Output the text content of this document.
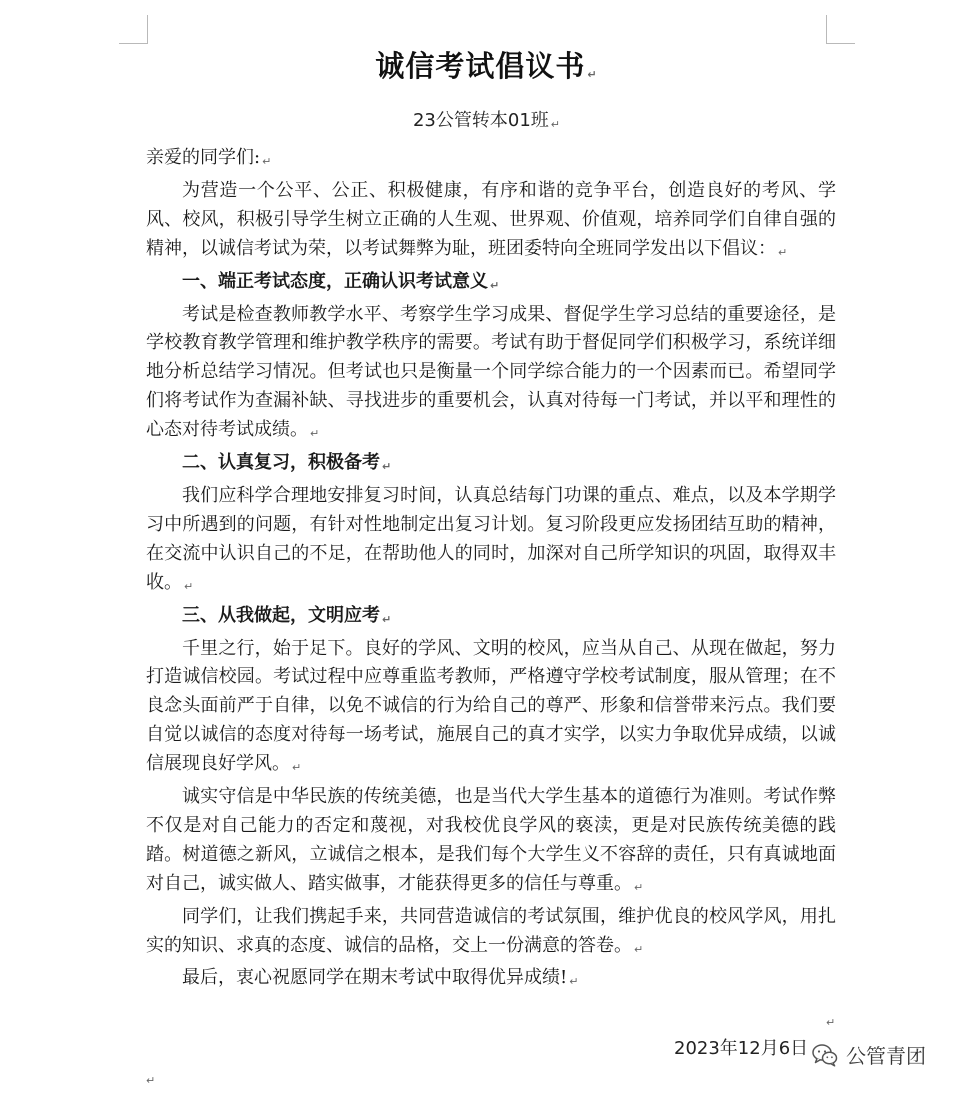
诚信考试倡议书 ↵
23公管转本01班 ↵

亲爱的同学们: ↵

为营造一个公平、公正、积极健康，有序和谐的竞争平台，创造良好的考风、学风、校风，积极引导学生树立正确的人生观、世界观、价值观，培养同学们自律自强的精神，以诚信考试为荣，以考试舞弊为耻，班团委特向全班同学发出以下倡议： ↵

一、端正考试态度，正确认识考试意义 ↵

考试是检查教师教学水平、考察学生学习成果、督促学生学习总结的重要途径，是学校教育教学管理和维护教学秩序的需要。考试有助于督促同学们积极学习，系统详细地分析总结学习情况。但考试也只是衡量一个同学综合能力的一个因素而已。希望同学们将考试作为查漏补缺、寻找进步的重要机会，认真对待每一门考试，并以平和理性的心态对待考试成绩。 ↵

二、认真复习，积极备考 ↵

我们应科学合理地安排复习时间，认真总结每门功课的重点、难点，以及本学期学习中所遇到的问题，有针对性地制定出复习计划。复习阶段更应发扬团结互助的精神，在交流中认识自己的不足，在帮助他人的同时，加深对自己所学知识的巩固，取得双丰收。 ↵

三、从我做起，文明应考 ↵

千里之行，始于足下。良好的学风、文明的校风，应当从自己、从现在做起，努力打造诚信校园。考试过程中应尊重监考教师，严格遵守学校考试制度，服从管理；在不良念头面前严于自律，以免不诚信的行为给自己的尊严、形象和信誉带来污点。我们要自觉以诚信的态度对待每一场考试，施展自己的真才实学，以实力争取优异成绩，以诚信展现良好学风。 ↵

诚实守信是中华民族的传统美德，也是当代大学生基本的道德行为准则。考试作弊不仅是对自己能力的否定和蔑视，对我校优良学风的亵渎，更是对民族传统美德的践踏。树道德之新风，立诚信之根本，是我们每个大学生义不容辞的责任，只有真诚地面对自己，诚实做人、踏实做事，才能获得更多的信任与尊重。 ↵

同学们，让我们携起手来，共同营造诚信的考试氛围，维护优良的校风学风，用扎实的知识、求真的态度、诚信的品格，交上一份满意的答卷。 ↵

最后，衷心祝愿同学在期末考试中取得优异成绩! ↵

↵
2023年12月6日
↵
公管青团
